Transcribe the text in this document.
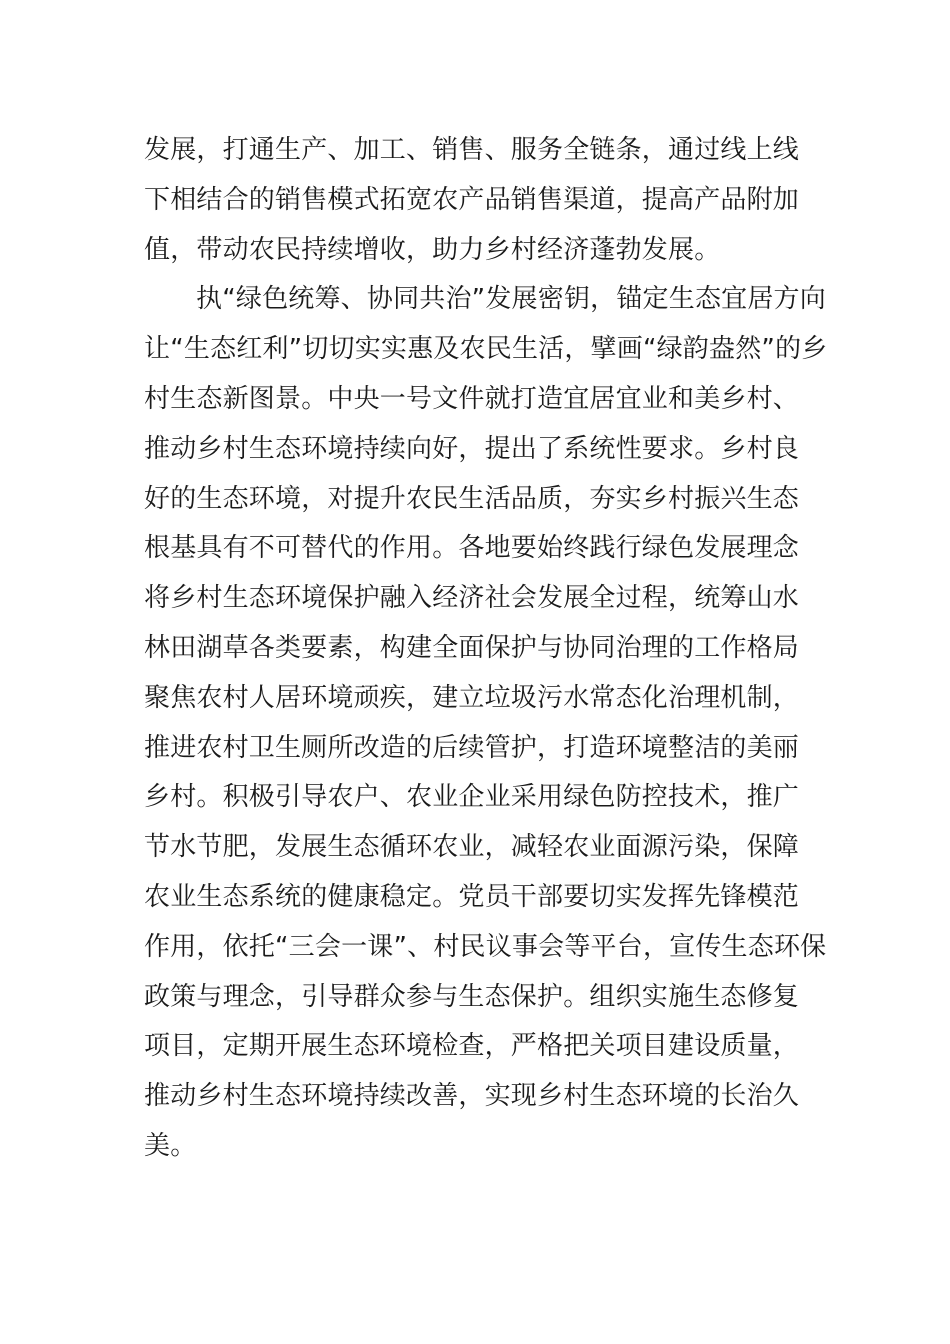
发展，打通生产、加工、销售、服务全链条，通过线上线
下相结合的销售模式拓宽农产品销售渠道，提高产品附加
值，带动农民持续增收，助力乡村经济蓬勃发展。
执“绿色统筹、协同共治”发展密钥，锚定生态宜居方向
让“生态红利”切切实实惠及农民生活，擘画“绿韵盎然”的乡
村生态新图景。中央一号文件就打造宜居宜业和美乡村、
推动乡村生态环境持续向好，提出了系统性要求。乡村良
好的生态环境，对提升农民生活品质，夯实乡村振兴生态
根基具有不可替代的作用。各地要始终践行绿色发展理念
将乡村生态环境保护融入经济社会发展全过程，统筹山水
林田湖草各类要素，构建全面保护与协同治理的工作格局
聚焦农村人居环境顽疾，建立垃圾污水常态化治理机制，
推进农村卫生厕所改造的后续管护，打造环境整洁的美丽
乡村。积极引导农户、农业企业采用绿色防控技术，推广
节水节肥，发展生态循环农业，减轻农业面源污染，保障
农业生态系统的健康稳定。党员干部要切实发挥先锋模范
作用，依托“三会一课”、村民议事会等平台，宣传生态环保
政策与理念，引导群众参与生态保护。组织实施生态修复
项目，定期开展生态环境检查，严格把关项目建设质量，
推动乡村生态环境持续改善，实现乡村生态环境的长治久
美。
